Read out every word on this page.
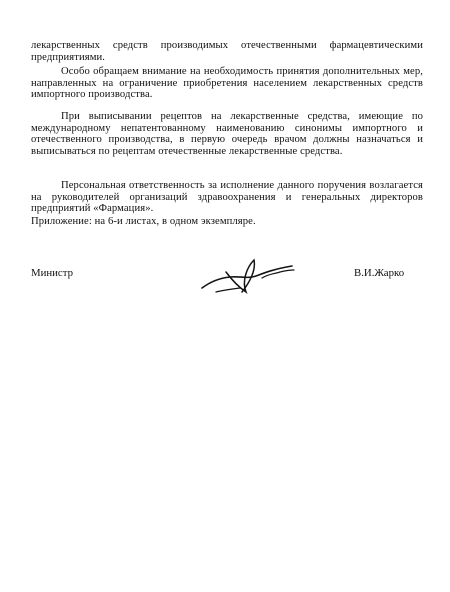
лекарственных средств производимых отечественными фармацевтическими предприятиями.
Особо обращаем внимание на необходимость принятия дополнительных мер, направленных на ограничение приобретения населением лекарственных средств импортного производства.
При выписывании рецептов на лекарственные средства, имеющие по международному непатентованному наименованию синонимы импортного и отечественного производства, в первую очередь врачом должны назначаться и выписываться по рецептам отечественные лекарственные средства.
Персональная ответственность за исполнение данного поручения возлагается на руководителей организаций здравоохранения и генеральных директоров предприятий «Фармация».
Приложение: на 6-и листах, в одном экземпляре.
Министр	В.И.Жарко
